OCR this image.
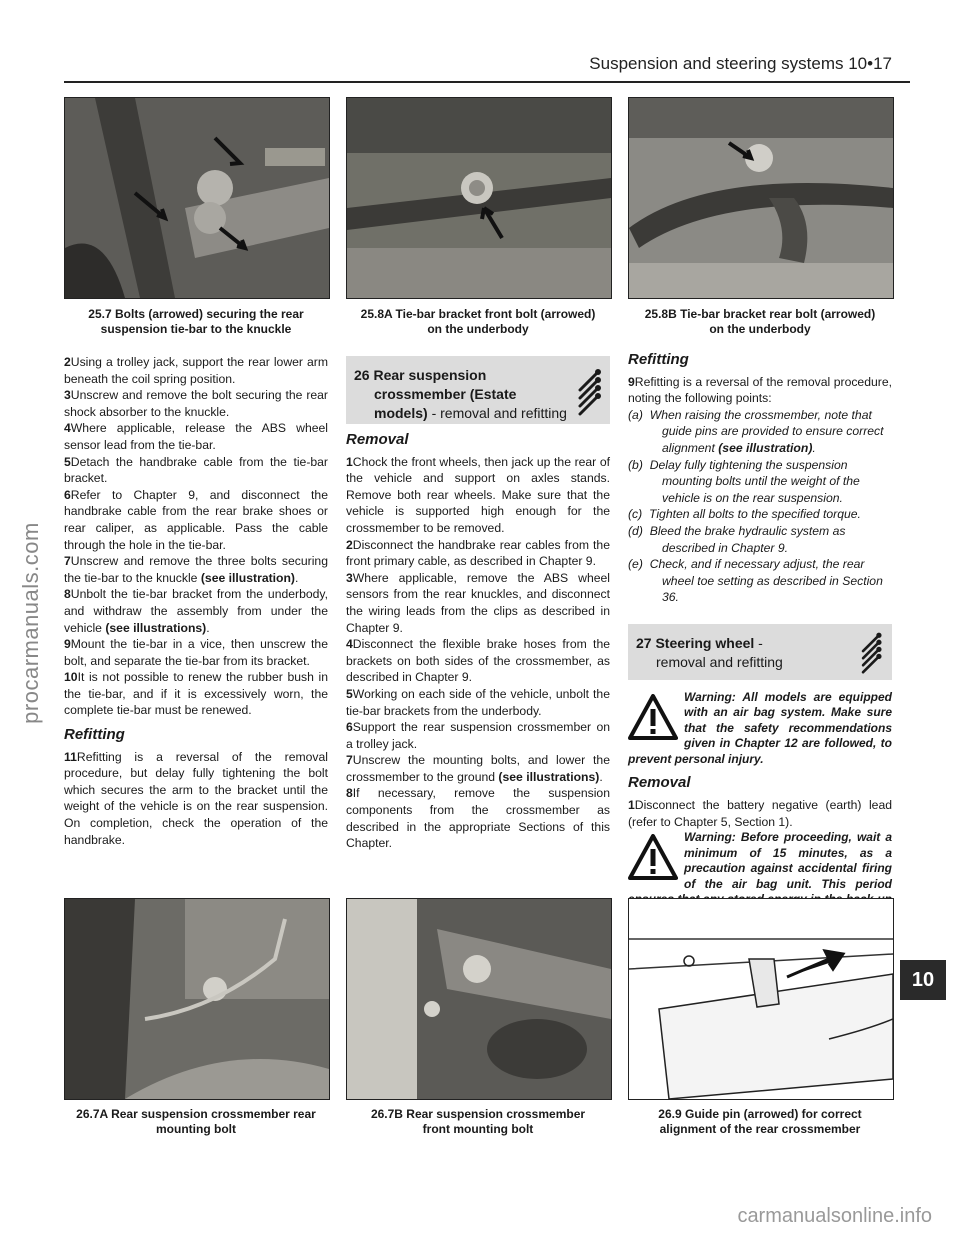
Suspension and steering systems 10•17
25.7 Bolts (arrowed) securing the rear
suspension tie-bar to the knuckle
25.8A Tie-bar bracket front bolt (arrowed)
on the underbody
25.8B Tie-bar bracket rear bolt (arrowed)
on the underbody

2Using a trolley jack, support the rear lower arm beneath the coil spring position.

3Unscrew and remove the bolt securing the rear shock absorber to the knuckle.

4Where applicable, release the ABS wheel sensor lead from the tie-bar.

5Detach the handbrake cable from the tie-bar bracket.

6Refer to Chapter 9, and disconnect the handbrake cable from the rear brake shoes or rear caliper, as applicable. Pass the cable through the hole in the tie-bar.

7Unscrew and remove the three bolts securing the tie-bar to the knuckle (see illustration).

8Unbolt the tie-bar bracket from the underbody, and withdraw the assembly from under the vehicle (see illustrations).

9Mount the tie-bar in a vice, then unscrew the bolt, and separate the tie-bar from its bracket.

10It is not possible to renew the rubber bush in the tie-bar, and if it is excessively worn, the complete tie-bar must be renewed.

Refitting

11Refitting is a reversal of the removal procedure, but delay fully tightening the bolt which secures the arm to the bracket until the weight of the vehicle is on the rear suspension. On completion, check the operation of the handbrake.

26 Rear suspension
crossmember (Estate
models) - removal and refitting
Removal

1Chock the front wheels, then jack up the rear of the vehicle and support on axles stands. Remove both rear wheels. Make sure that the vehicle is supported high enough for the crossmember to be removed.

2Disconnect the handbrake rear cables from the front primary cable, as described in Chapter 9.

3Where applicable, remove the ABS wheel sensors from the rear knuckles, and disconnect the wiring leads from the clips as described in Chapter 9.

4Disconnect the flexible brake hoses from the brackets on both sides of the crossmember, as described in Chapter 9.

5Working on each side of the vehicle, unbolt the tie-bar brackets from the underbody.

6Support the rear suspension crossmember on a trolley jack.

7Unscrew the mounting bolts, and lower the crossmember to the ground (see illustrations).

8If necessary, remove the suspension components from the crossmember as described in the appropriate Sections of this Chapter.

Refitting

9Refitting is a reversal of the removal procedure, noting the following points:

(a) When raising the crossmember, note that guide pins are provided to ensure correct alignment (see illustration).

(b) Delay fully tightening the suspension mounting bolts until the weight of the vehicle is on the rear suspension.

(c) Tighten all bolts to the specified torque.

(d) Bleed the brake hydraulic system as described in Chapter 9.

(e) Check, and if necessary adjust, the rear wheel toe setting as described in Section 36.

27 Steering wheel -
removal and refitting
Warning: All models are equipped with an air bag system. Make sure that the safety recommendations given in Chapter 12 are followed, to prevent personal injury.
Removal

1Disconnect the battery negative (earth) lead (refer to Chapter 5, Section 1).

Warning: Before proceeding, wait a minimum of 15 minutes, as a precaution against accidental firing of the air bag unit. This period
26.7A Rear suspension crossmember rear
mounting bolt
26.7B Rear suspension crossmember
front mounting bolt
26.9 Guide pin (arrowed) for correct
alignment of the rear crossmember
10
procarmanuals.com
carmanualsonline.info
